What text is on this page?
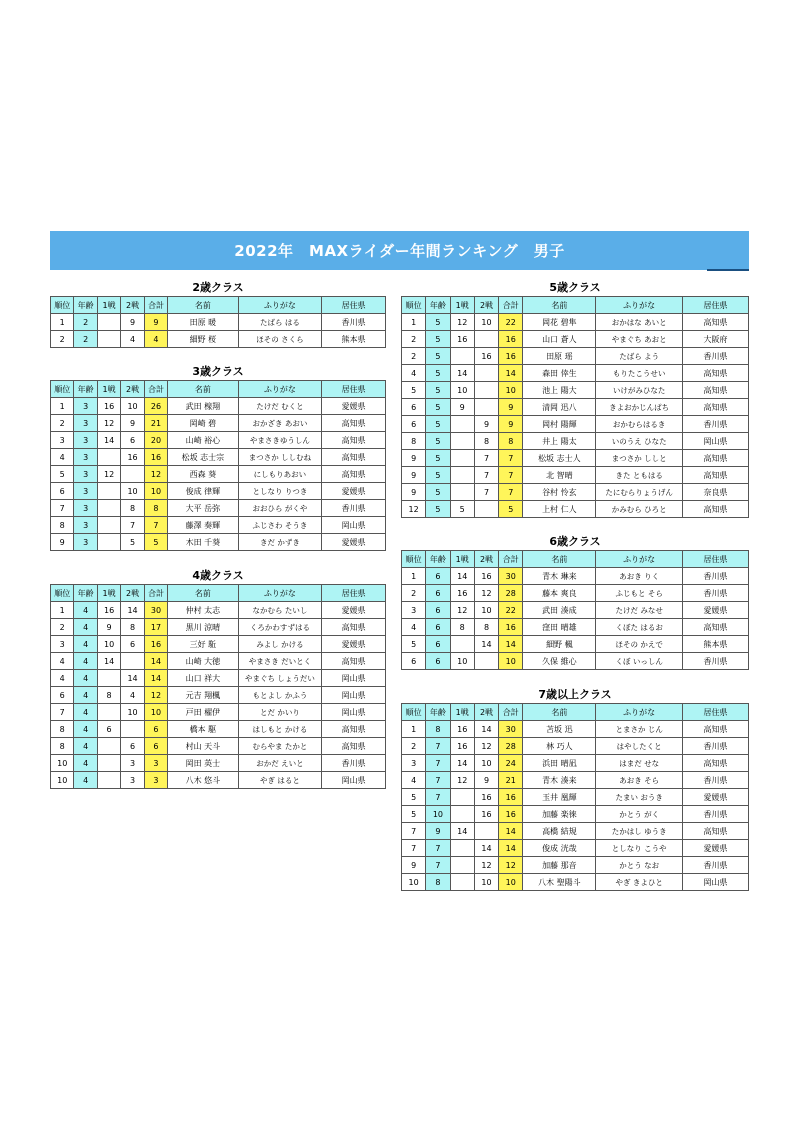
2022年　MAXライダー年間ランキング　男子
2歳クラス
順位	年齢	1戦	2戦	合計	名前	ふりがな	居住県
1	2		9	9	田原 暖	たばら はる	香川県
2	2		4	4	細野 桜	ほその さくら	熊本県
3歳クラス
順位	年齢	1戦	2戦	合計	名前	ふりがな	居住県
1	3	16	10	26	武田 楾翔	たけだ むくと	愛媛県
2	3	12	9	21	岡崎 碧	おかざき あおい	高知県
3	3	14	6	20	山崎 裕心	やまさきゆうしん	高知県
4	3		16	16	松坂 志士宗	まつさか ししむね	高知県
5	3	12		12	西森 葵	にしもりあおい	高知県
6	3		10	10	俊成 律輝	としなり りつき	愛媛県
7	3		8	8	大平 岳弥	おおひら がくや	香川県
8	3		7	7	藤澤 奏輝	ふじさわ そうき	岡山県
9	3		5	5	木田 千葵	きだ かずき	愛媛県
4歳クラス
順位	年齢	1戦	2戦	合計	名前	ふりがな	居住県
1	4	16	14	30	仲村 太志	なかむら たいし	愛媛県
2	4	9	8	17	黒川 涼晴	くろかわすずはる	高知県
3	4	10	6	16	三好 駈	みよし かける	愛媛県
4	4	14		14	山崎 大徳	やまさき だいとく	高知県
4	4		14	14	山口 祥大	やまぐち しょうだい	岡山県
6	4	8	4	12	元吉 翔楓	もとよし かふう	岡山県
7	4		10	10	戸田 櫂伊	とだ かいり	岡山県
8	4	6		6	橋本 駆	はしもと かける	高知県
8	4		6	6	村山 天斗	むらやま たかと	高知県
10	4		3	3	岡田 英士	おかだ えいと	香川県
10	4		3	3	八木 悠斗	やぎ はると	岡山県
5歳クラス
順位	年齢	1戦	2戦	合計	名前	ふりがな	居住県
1	5	12	10	22	岡花 碧隼	おかはな あいと	高知県
2	5	16		16	山口 蒼人	やまぐち あおと	大阪府
2	5		16	16	田原 瑶	たばら よう	香川県
4	5	14		14	森田 倖生	もりたこうせい	高知県
5	5	10		10	池上 陽大	いけがみひなた	高知県
6	5	9		9	清岡 迅八	きよおかじんぱち	高知県
6	5		9	9	岡村 陽輝	おかむらはるき	香川県
8	5		8	8	井上 陽太	いのうえ ひなた	岡山県
9	5		7	7	松坂 志士人	まつさか ししと	高知県
9	5		7	7	北 智晴	きた ともはる	高知県
9	5		7	7	谷村 怜玄	たにむらりょうげん	奈良県
12	5	5		5	上村 仁人	かみむら ひろと	高知県
6歳クラス
順位	年齢	1戦	2戦	合計	名前	ふりがな	居住県
1	6	14	16	30	青木 琳来	あおき りく	香川県
2	6	16	12	28	藤本 爽良	ふじもと そら	香川県
3	6	12	10	22	武田 湊成	たけだ みなせ	愛媛県
4	6	8	8	16	窪田 晴雄	くぼた はるお	高知県
5	6		14	14	細野 楓	ほその かえで	熊本県
6	6	10		10	久保 維心	くぼ いっしん	香川県
7歳以上クラス
順位	年齢	1戦	2戦	合計	名前	ふりがな	居住県
1	8	16	14	30	苫坂 迅	とまさか じん	高知県
2	7	16	12	28	林 巧人	はやしたくと	香川県
3	7	14	10	24	浜田 晴凪	はまだ せな	高知県
4	7	12	9	21	青木 湊来	あおき そら	香川県
5	7		16	16	玉井 凰輝	たまい おうき	愛媛県
5	10		16	16	加藤 楽徠	かとう がく	香川県
7	9	14		14	高橋 結規	たかはし ゆうき	高知県
7	7		14	14	俊成 洸哉	としなり こうや	愛媛県
9	7		12	12	加藤 那音	かとう なお	香川県
10	8		10	10	八木 聖陽斗	やぎ きよひと	岡山県
